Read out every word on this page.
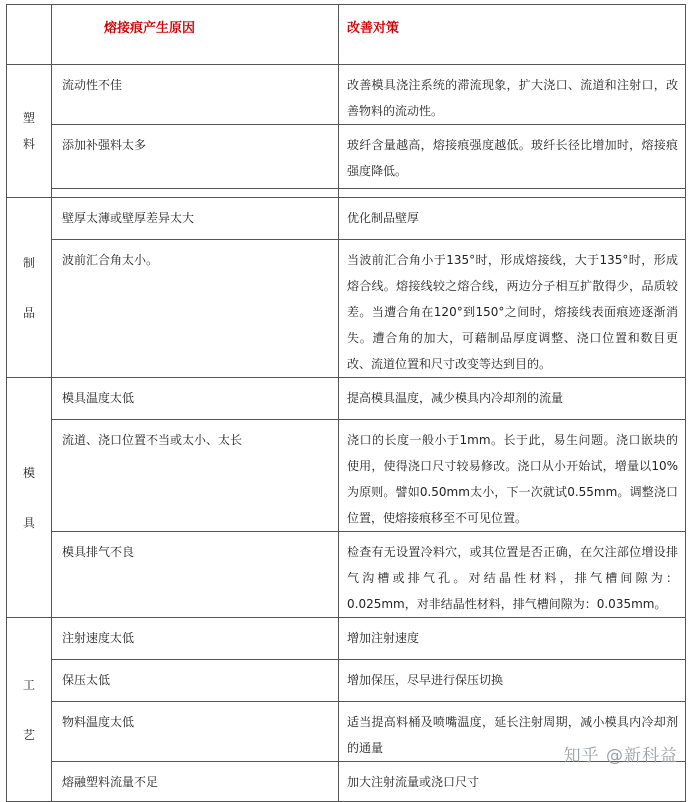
	熔接痕产生原因	改善对策

塑
料	流动性不佳	改善模具浇注系统的滞流现象，扩大浇口、流道和注射口，改善物料的流动性。
	添加补强料太多	玻纤含量越高，熔接痕强度越低。玻纤长径比增加时，熔接痕强度降低。

制
品	壁厚太薄或壁厚差异太大	优化制品壁厚
	波前汇合角太小。	当波前汇合角小于135°时，形成熔接线，大于135°时，形成熔合线。熔接线较之熔合线，两边分子相互扩散得少，品质较差。当遭合角在120°到150°之间时，熔接线表面痕迹逐渐消失。遭合角的加大，可藉制品厚度调整、浇口位置和数目更改、流道位置和尺寸改变等达到目的。

模
具	模具温度太低	提高模具温度，减少模具内冷却剂的流量
	流道、浇口位置不当或太小、太长	浇口的长度一般小于1mm。长于此，易生问题。浇口嵌块的使用，使得浇口尺寸较易修改。浇口从小开始试，增量以10%为原则。譬如0.50mm太小，下一次就试0.55mm。调整浇口位置，使熔接痕移至不可见位置。
	模具排气不良	检查有无设置冷料穴，或其位置是否正确，在欠注部位增设排气沟槽或排气孔。对结晶性材料，排气槽间隙为：0.025mm，对非结晶性材料，排气槽间隙为：0.035mm。

工
艺	注射速度太低	增加注射速度
	保压太低	增加保压，尽早进行保压切换
	物料温度太低	适当提高料桶及喷嘴温度，延长注射周期，减小模具内冷却剂的通量
	熔融塑料流量不足	加大注射流量或浇口尺寸
知乎 @新科益
